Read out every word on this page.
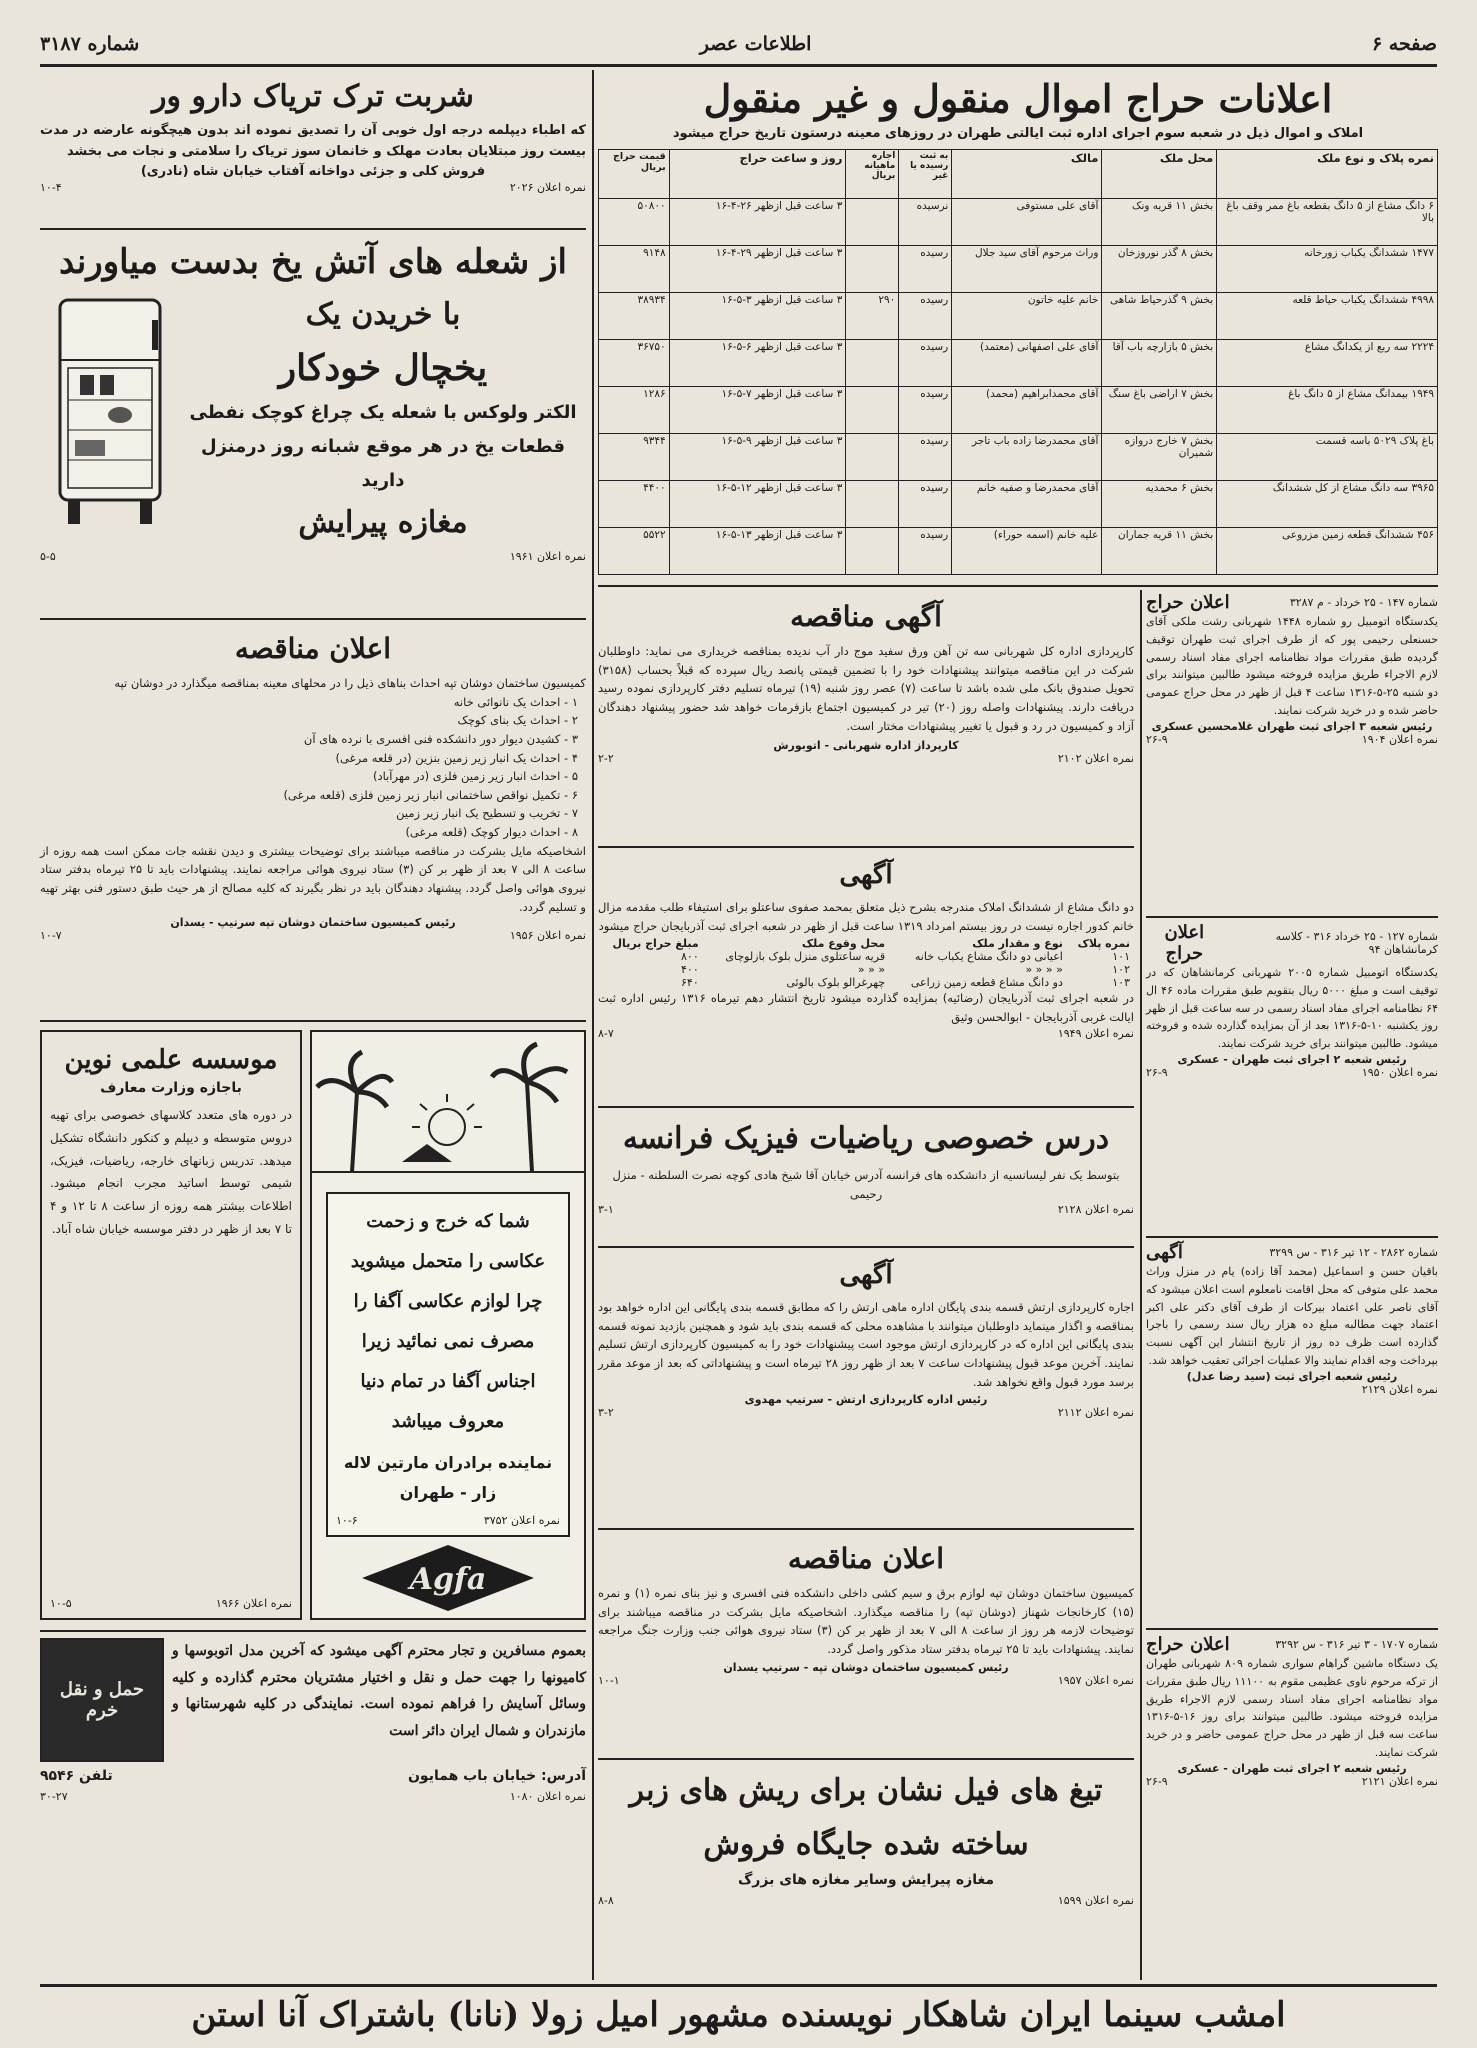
صفحه ۶
اطلاعات عصر
شماره ۳۱۸۷
اعلانات حراج اموال منقول و غیر منقول
املاک و اموال ذیل در شعبه سوم اجرای اداره ثبت ایالتی طهران در روزهای معینه درستون تاریخ حراج میشود
نمره پلاک و نوع ملک	محل ملک	مالک	به ثبت رسیده یا غیر	اجاره ماهیانه بریال	روز و ساعت حراج	قیمت حراج بریال
۶ دانگ مشاع از ۵ دانگ بقطعه باغ ممر وقف باغ بالا	بخش ۱۱ قریه ونک	آقای علی مستوفی	نرسیده		۳ ساعت قبل ازظهر ۲۶-۴-۱۶	۵۰۸۰۰
۱۴۷۷ ششدانگ یکباب زورخانه	بخش ۸ گذر نوروزخان	وراث مرحوم آقای سید جلال	رسیده		۳ ساعت قبل ازظهر ۲۹-۴-۱۶	۹۱۴۸
۴۹۹۸ ششدانگ یکباب حیاط قلعه	بخش ۹ گذرحیاط شاهی	خانم علیه خاتون	رسیده	۲۹۰	۳ ساعت قبل ازظهر ۳-۵-۱۶	۳۸۹۳۴
۲۲۲۴ سه ربع از یکدانگ مشاع	بخش ۵ بازارچه باب آقا	آقای علی اصفهانی (معتمد)	رسیده		۳ ساعت قبل ازظهر ۶-۵-۱۶	۳۶۷۵۰
۱۹۴۹ بیمدانگ مشاع از ۵ دانگ باغ	بخش ۷ اراضی باغ سنگ	آقای محمدابراهیم (محمد)	رسیده		۳ ساعت قبل ازظهر ۷-۵-۱۶	۱۲۸۶
باغ پلاک ۵۰۲۹ باسه قسمت	بخش ۷ خارج دروازه شمیران	آقای محمدرضا زاده باب تاجر	رسیده		۳ ساعت قبل ازظهر ۹-۵-۱۶	۹۳۴۴
۳۹۶۵ سه دانگ مشاع از کل ششدانگ	بخش ۶ محمدیه	آقای محمدرضا و صفیه خانم	رسیده		۳ ساعت قبل ازظهر ۱۲-۵-۱۶	۴۴۰۰
۴۵۶ ششدانگ قطعه زمین مزروعی	بخش ۱۱ قریه جماران	علیه خانم (اسمه حوراء)	رسیده		۳ ساعت قبل ازظهر ۱۳-۵-۱۶	۵۵۲۲
شربت ترک تریاک دارو ور
که اطباء دیپلمه درجه اول خوبی آن را تصدیق نموده اند بدون هیچگونه عارضه در مدت بیست روز مبتلایان بعادت مهلک و خانمان سوز تریاک را سلامتی و نجات می بخشد
فروش کلی و جزئی دواخانه آفتاب خیابان شاه (نادری)
نمره اعلان ۲۰۲۶
۱۰-۴
از شعله های آتش یخ بدست میاورند
با خریدن یک
یخچال خودکار
الکتر ولوکس با شعله یک چراغ کوچک نفطی قطعات یخ در هر موقع شبانه روز درمنزل دارید
مغازه پیرایش
نمره اعلان ۱۹۶۱
۵-۵
اعلان مناقصه
کمیسیون ساختمان دوشان تپه احداث بناهای ذیل را در محلهای معینه بمناقصه میگذارد در دوشان تپه
۱ - احداث یک نانوائی خانه
۲ - احداث یک بنای کوچک
۳ - کشیدن دیوار دور دانشکده فنی افسری با نرده های آن
۴ - احداث یک انبار زیر زمین بنزین (در قلعه مرغی)
۵ - احداث انبار زیر زمین فلزی (در مهرآباد)
۶ - تکمیل نواقص ساختمانی انبار زیر زمین فلزی (قلعه مرغی)
۷ - تخریب و تسطیح یک انبار زیر زمین
۸ - احداث دیوار کوچک (قلعه مرغی)
اشخاصیکه مایل بشرکت در مناقصه میباشند برای توضیحات بیشتری و دیدن نقشه جات ممکن است همه روزه از ساعت ۸ الی ۷ بعد از ظهر بر کن (۳) ستاد نیروی هوائی مراجعه نمایند. پیشنهادات باید تا ۲۵ تیرماه بدفتر ستاد نیروی هوائی واصل گردد. پیشنهاد دهندگان باید در نظر بگیرند که کلیه مصالح از هر حیث طبق دستور فنی بهتر تهیه و تسلیم گردد.
رئیس کمیسیون ساختمان دوشان تپه سرتیپ - یسدان
نمره اعلان ۱۹۵۶
۱۰-۷
شما که خرج و زحمت عکاسی را متحمل میشوید چرا لوازم عکاسی آگفا را مصرف نمی نمائید زیرا اجناس آگفا در تمام دنیا معروف میباشد
نماینده برادران مارتین لاله زار - طهران
نمره اعلان ۳۷۵۲
۱۰-۶
Agfa
موسسه علمی نوین
باجازه وزارت معارف
در دوره های متعدد کلاسهای خصوصی برای تهیه دروس متوسطه و دیپلم و کنکور دانشگاه تشکیل میدهد. تدریس زبانهای خارجه، ریاضیات، فیزیک، شیمی توسط اساتید مجرب انجام میشود. اطلاعات بیشتر همه روزه از ساعت ۸ تا ۱۲ و ۴ تا ۷ بعد از ظهر در دفتر موسسه خیابان شاه آباد.
نمره اعلان ۱۹۶۶
۱۰-۵
بعموم مسافرین و تجار محترم آگهی میشود که آخرین مدل اتوبوسها و کامیونها را جهت حمل و نقل و اختیار مشتریان محترم گذارده و کلیه وسائل آسایش را فراهم نموده است. نمایندگی در کلیه شهرستانها و مازندران و شمال ایران دائر است
حمل و نقل خرم
آدرس: خیابان باب همایون
تلفن ۹۵۴۶
نمره اعلان ۱۰۸۰
۳۰-۲۷
آگهی مناقصه
کارپردازی اداره کل شهربانی سه تن آهن ورق سفید موج دار آب ندیده بمناقصه خریداری می نماید: داوطلبان شرکت در این مناقصه میتوانند پیشنهادات خود را با تضمین قیمتی پانصد ریال سپرده که قبلاً بحساب (۳۱۵۸) تحویل صندوق بانک ملی شده باشد تا ساعت (۷) عصر روز شنبه (۱۹) تیرماه تسلیم دفتر کارپردازی نموده رسید دریافت دارند. پیشنهادات واصله روز (۲۰) تیر در کمیسیون اجتماع بازفرمات خواهد شد حضور پیشنهاد دهندگان آزاد و کمیسیون در رد و قبول یا تغییر پیشنهادات مختار است.
کارپرداز اداره شهربانی - اتوبورش
نمره اعلان ۲۱۰۲
۲-۲
آگهی
دو دانگ مشاع از ششدانگ املاک مندرجه بشرح ذیل متعلق بمحمد صفوی ساعتلو برای استیفاء طلب مقدمه مزال خانم کدور اجاره نیست در روز بیستم امرداد ۱۳۱۹ ساعت قبل از ظهر در شعبه اجرای ثبت آذربایجان حراج میشود
نمره پلاک	نوع و مقدار ملک	محل وقوع ملک	مبلغ حراج بریال
۱۰۱	اعیانی دو دانگ مشاع یکباب خانه	قریه ساعتلوی منزل بلوک بازلوچای	۸۰۰
۱۰۲	« « « «	« « «	۴۰۰
۱۰۳	دو دانگ مشاع قطعه زمین زراعی	چهرغرالو بلوک بالوئی	۶۴۰
در شعبه اجرای ثبت آذربایجان (رضائیه) بمزایده گذارده میشود تاریخ انتشار دهم تیرماه ۱۳۱۶ رئیس اداره ثبت ایالت غربی آذربایجان - ابوالحسن وثیق
نمره اعلان ۱۹۴۹
۸-۷
درس خصوصی ریاضیات فیزیک فرانسه
بتوسط یک نفر لیسانسیه از دانشکده های فرانسه آدرس خیابان آقا شیخ هادی کوچه نصرت السلطنه - منزل رحیمی
نمره اعلان ۲۱۲۸
۳-۱
آگهی
اجاره کارپردازی ارتش قسمه بندی پایگان اداره ماهی ارتش را که مطابق قسمه بندی پایگانی این اداره خواهد بود بمناقصه و اگذار مینماید داوطلبان میتوانند با مشاهده محلی که قسمه بندی باید شود و همچنین بازدید نمونه قسمه بندی پایگانی این اداره که در کارپردازی ارتش موجود است پیشنهادات خود را به کمیسیون کارپردازی ارتش تسلیم نمایند. آخرین موعد قبول پیشنهادات ساعت ۷ بعد از ظهر روز ۲۸ تیرماه است و پیشنهاداتی که بعد از موعد مقرر برسد مورد قبول واقع نخواهد شد.
رئیس اداره کارپردازی ارتش - سرتیپ مهدوی
نمره اعلان ۲۱۱۲
۳-۲
اعلان مناقصه
کمیسیون ساختمان دوشان تپه لوازم برق و سیم کشی داخلی دانشکده فنی افسری و نیز بنای نمره (۱) و نمره (۱۵) کارخانجات شهناز (دوشان تپه) را مناقصه میگذارد. اشخاصیکه مایل بشرکت در مناقصه میباشند برای توضیحات لازمه هر روز از ساعت ۸ الی ۷ بعد از ظهر بر کن (۳) ستاد نیروی هوائی جنب وزارت جنگ مراجعه نمایند. پیشنهادات باید تا ۲۵ تیرماه بدفتر ستاد مذکور واصل گردد.
رئیس کمیسیون ساختمان دوشان تپه - سرتیپ یسدان
نمره اعلان ۱۹۵۷
۱۰-۱
تیغ های فیل نشان برای ریش های زبر
ساخته شده جایگاه فروش
مغازه پیرایش وسایر مغازه های بزرگ
نمره اعلان ۱۵۹۹
۸-۸
شماره ۱۴۷ - ۲۵ خرداد - م ۳۲۸۷
اعلان حراج
یکدستگاه اتومبیل رو شماره ۱۴۴۸ شهربانی رشت ملکی آقای حسنعلی رحیمی پور که از طرف اجرای ثبت طهران توقیف گردیده طبق مقررات مواد نظامنامه اجرای مفاد اسناد رسمی لازم الاجراء طریق مزایده فروخته میشود طالبین میتوانند برای دو شنبه ۲۵-۵-۱۳۱۶ ساعت ۴ قبل از ظهر در محل حراج عمومی حاضر شده و در خرید شرکت نمایند.
رئیس شعبه ۳ اجرای ثبت طهران غلامحسین عسکری
نمره اعلان ۱۹۰۴
۲۶-۹
شماره ۱۲۷ - ۲۵ خرداد ۳۱۶ - کلاسه کرمانشاهان ۹۴
اعلان حراج
یکدستگاه اتومبیل شماره ۲۰۰۵ شهربانی کرمانشاهان که در توقیف است و مبلغ ۵۰۰۰ ریال بتقویم طبق مقررات ماده ۴۶ ال ۶۴ نظامنامه اجرای مفاد اسناد رسمی در سه ساعت قبل از ظهر روز یکشنبه ۱۰-۵-۱۳۱۶ بعد از آن بمزایده گذارده شده و فروخته میشود. طالبین میتوانند برای خرید شرکت نمایند.
رئیس شعبه ۲ اجرای ثبت طهران - عسکری
نمره اعلان ۱۹۵۰
۲۶-۹
شماره ۲۸۶۲ - ۱۲ تیر ۳۱۶ - س ۳۲۹۹
آگهی
باقیان حسن و اسماعیل (محمد آقا زاده) یام در منزل وراث محمد علی متوفی که محل اقامت نامعلوم است اعلان میشود که آقای ناصر علی اعتماد بیرکات از طرف آقای دکتر علی اکبر اعتماد جهت مطالبه مبلغ ده هزار ریال سند رسمی را باجرا گذارده است ظرف ده روز از تاریخ انتشار این آگهی نسبت بپرداخت وجه اقدام نمایند والا عملیات اجرائی تعقیب خواهد شد.
رئیس شعبه اجرای ثبت (سید رضا عدل)
نمره اعلان ۲۱۲۹
شماره ۱۷۰۷ - ۳ تیر ۳۱۶ - س ۳۲۹۲
اعلان حراج
یک دستگاه ماشین گراهام سواری شماره ۸۰۹ شهربانی طهران از ترکه مرحوم ناوی عظیمی مقوم به ۱۱۱۰۰ ریال طبق مقررات مواد نظامنامه اجرای مفاد اسناد رسمی لازم الاجراء طریق مزایده فروخته میشود. طالبین میتوانند برای روز ۱۶-۵-۱۳۱۶ ساعت سه قبل از ظهر در محل حراج عمومی حاضر و در خرید شرکت نمایند.
رئیس شعبه ۲ اجرای ثبت طهران - عسکری
نمره اعلان ۲۱۲۱
۲۶-۹
امشب سینما ایران شاهکار نویسنده مشهور امیل زولا (نانا) باشتراک آنا استن
